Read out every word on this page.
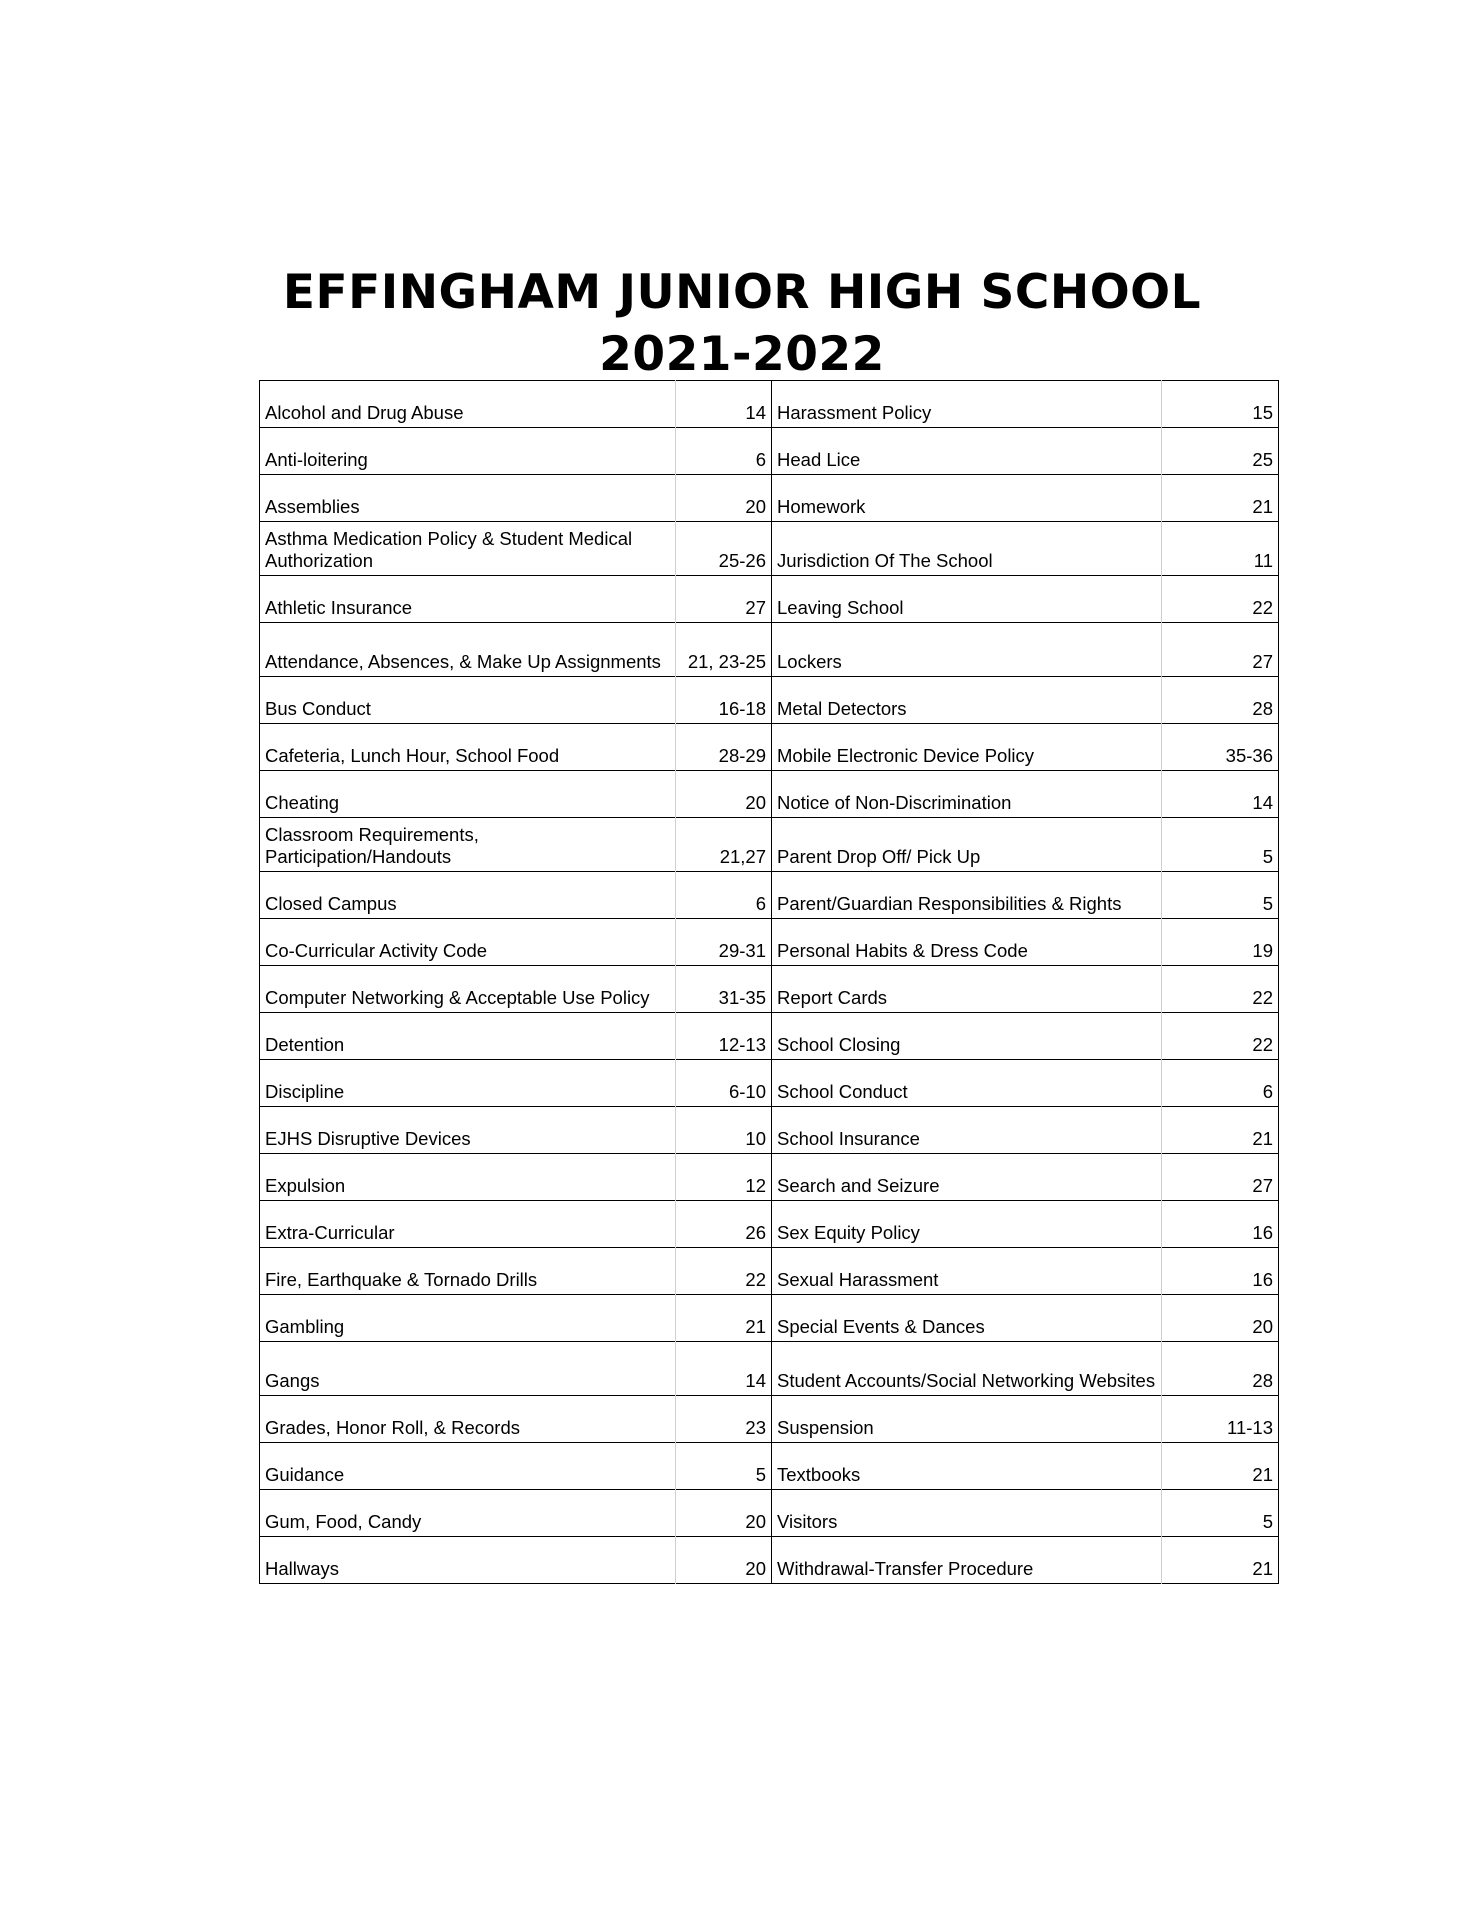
EFFINGHAM JUNIOR HIGH SCHOOL
2021-2022
Alcohol and Drug Abuse	14	Harassment Policy	15
Anti-loitering	6	Head Lice	25
Assemblies	20	Homework	21
Asthma Medication Policy & Student Medical Authorization	25-26	Jurisdiction Of The School	11
Athletic Insurance	27	Leaving School	22
Attendance, Absences, & Make Up Assignments	21, 23-25	Lockers	27
Bus Conduct	16-18	Metal Detectors	28
Cafeteria, Lunch Hour, School Food	28-29	Mobile Electronic Device Policy	35-36
Cheating	20	Notice of Non-Discrimination	14
Classroom Requirements, Participation/Handouts	21,27	Parent Drop Off/ Pick Up	5
Closed Campus	6	Parent/Guardian Responsibilities & Rights	5
Co-Curricular Activity Code	29-31	Personal Habits & Dress Code	19
Computer Networking & Acceptable Use Policy	31-35	Report Cards	22
Detention	12-13	School Closing	22
Discipline	6-10	School Conduct	6
EJHS Disruptive Devices	10	School Insurance	21
Expulsion	12	Search and Seizure	27
Extra-Curricular	26	Sex Equity Policy	16
Fire, Earthquake & Tornado Drills	22	Sexual Harassment	16
Gambling	21	Special Events & Dances	20
Gangs	14	Student Accounts/Social Networking Websites	28
Grades, Honor Roll, & Records	23	Suspension	11-13
Guidance	5	Textbooks	21
Gum, Food, Candy	20	Visitors	5
Hallways	20	Withdrawal-Transfer Procedure	21
